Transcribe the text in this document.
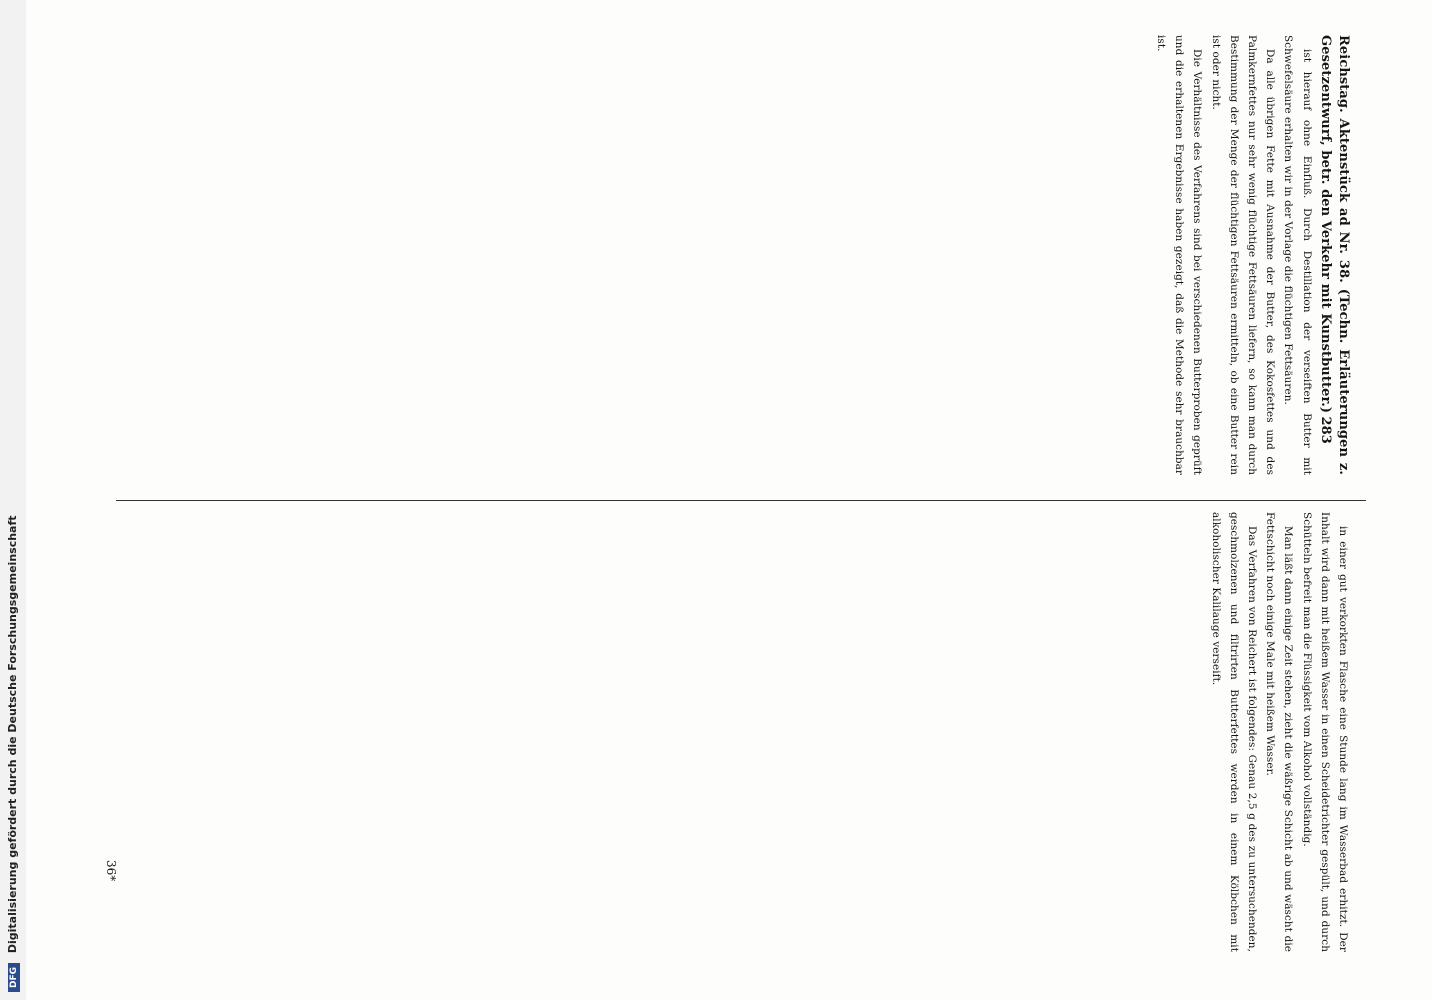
DFG Digitalisierung gefördert durch die Deutsche Forschungsgemeinschaft
Reichstag. Aktenstück ad Nr. 38. (Techn. Erläuterungen z. Gesetzentwurf, betr. den Verkehr mit Kunstbutter.) 283

ist hierauf ohne Einfluß. Durch Destillation der verseiften Butter mit Schwefelsäure erhalten wir in der Vorlage die flüchtigen Fettsäuren.

Da alle übrigen Fette mit Ausnahme der Butter, des Kokosfettes und des Palmkernfettes nur sehr wenig flüchtige Fettsäuren liefern, so kann man durch Bestimmung der Menge der flüchtigen Fettsäuren ermitteln, ob eine Butter rein ist oder nicht.

Die Verhältnisse des Verfahrens sind bei verschiedenen Butterproben geprüft und die erhaltenen Ergebnisse haben gezeigt, daß die Methode sehr brauchbar ist.

in einer gut verkorkten Flasche eine Stunde lang im Wasserbad erhitzt. Der Inhalt wird dann mit heißem Wasser in einen Scheidetrichter gespült, und durch Schütteln befreit man die Flüssigkeit vom Alkohol vollständig.

Man läßt dann einige Zeit stehen, zieht die wäßrige Schicht ab und wäscht die Fettschicht noch einige Male mit heißem Wasser.

Das Verfahren von Reichert ist folgendes: Genau 2,5 g des zu untersuchenden, geschmolzenen und filtrirten Butterfettes werden in einem Kölbchen mit alkoholischer Kalilauge verseift.

36*
